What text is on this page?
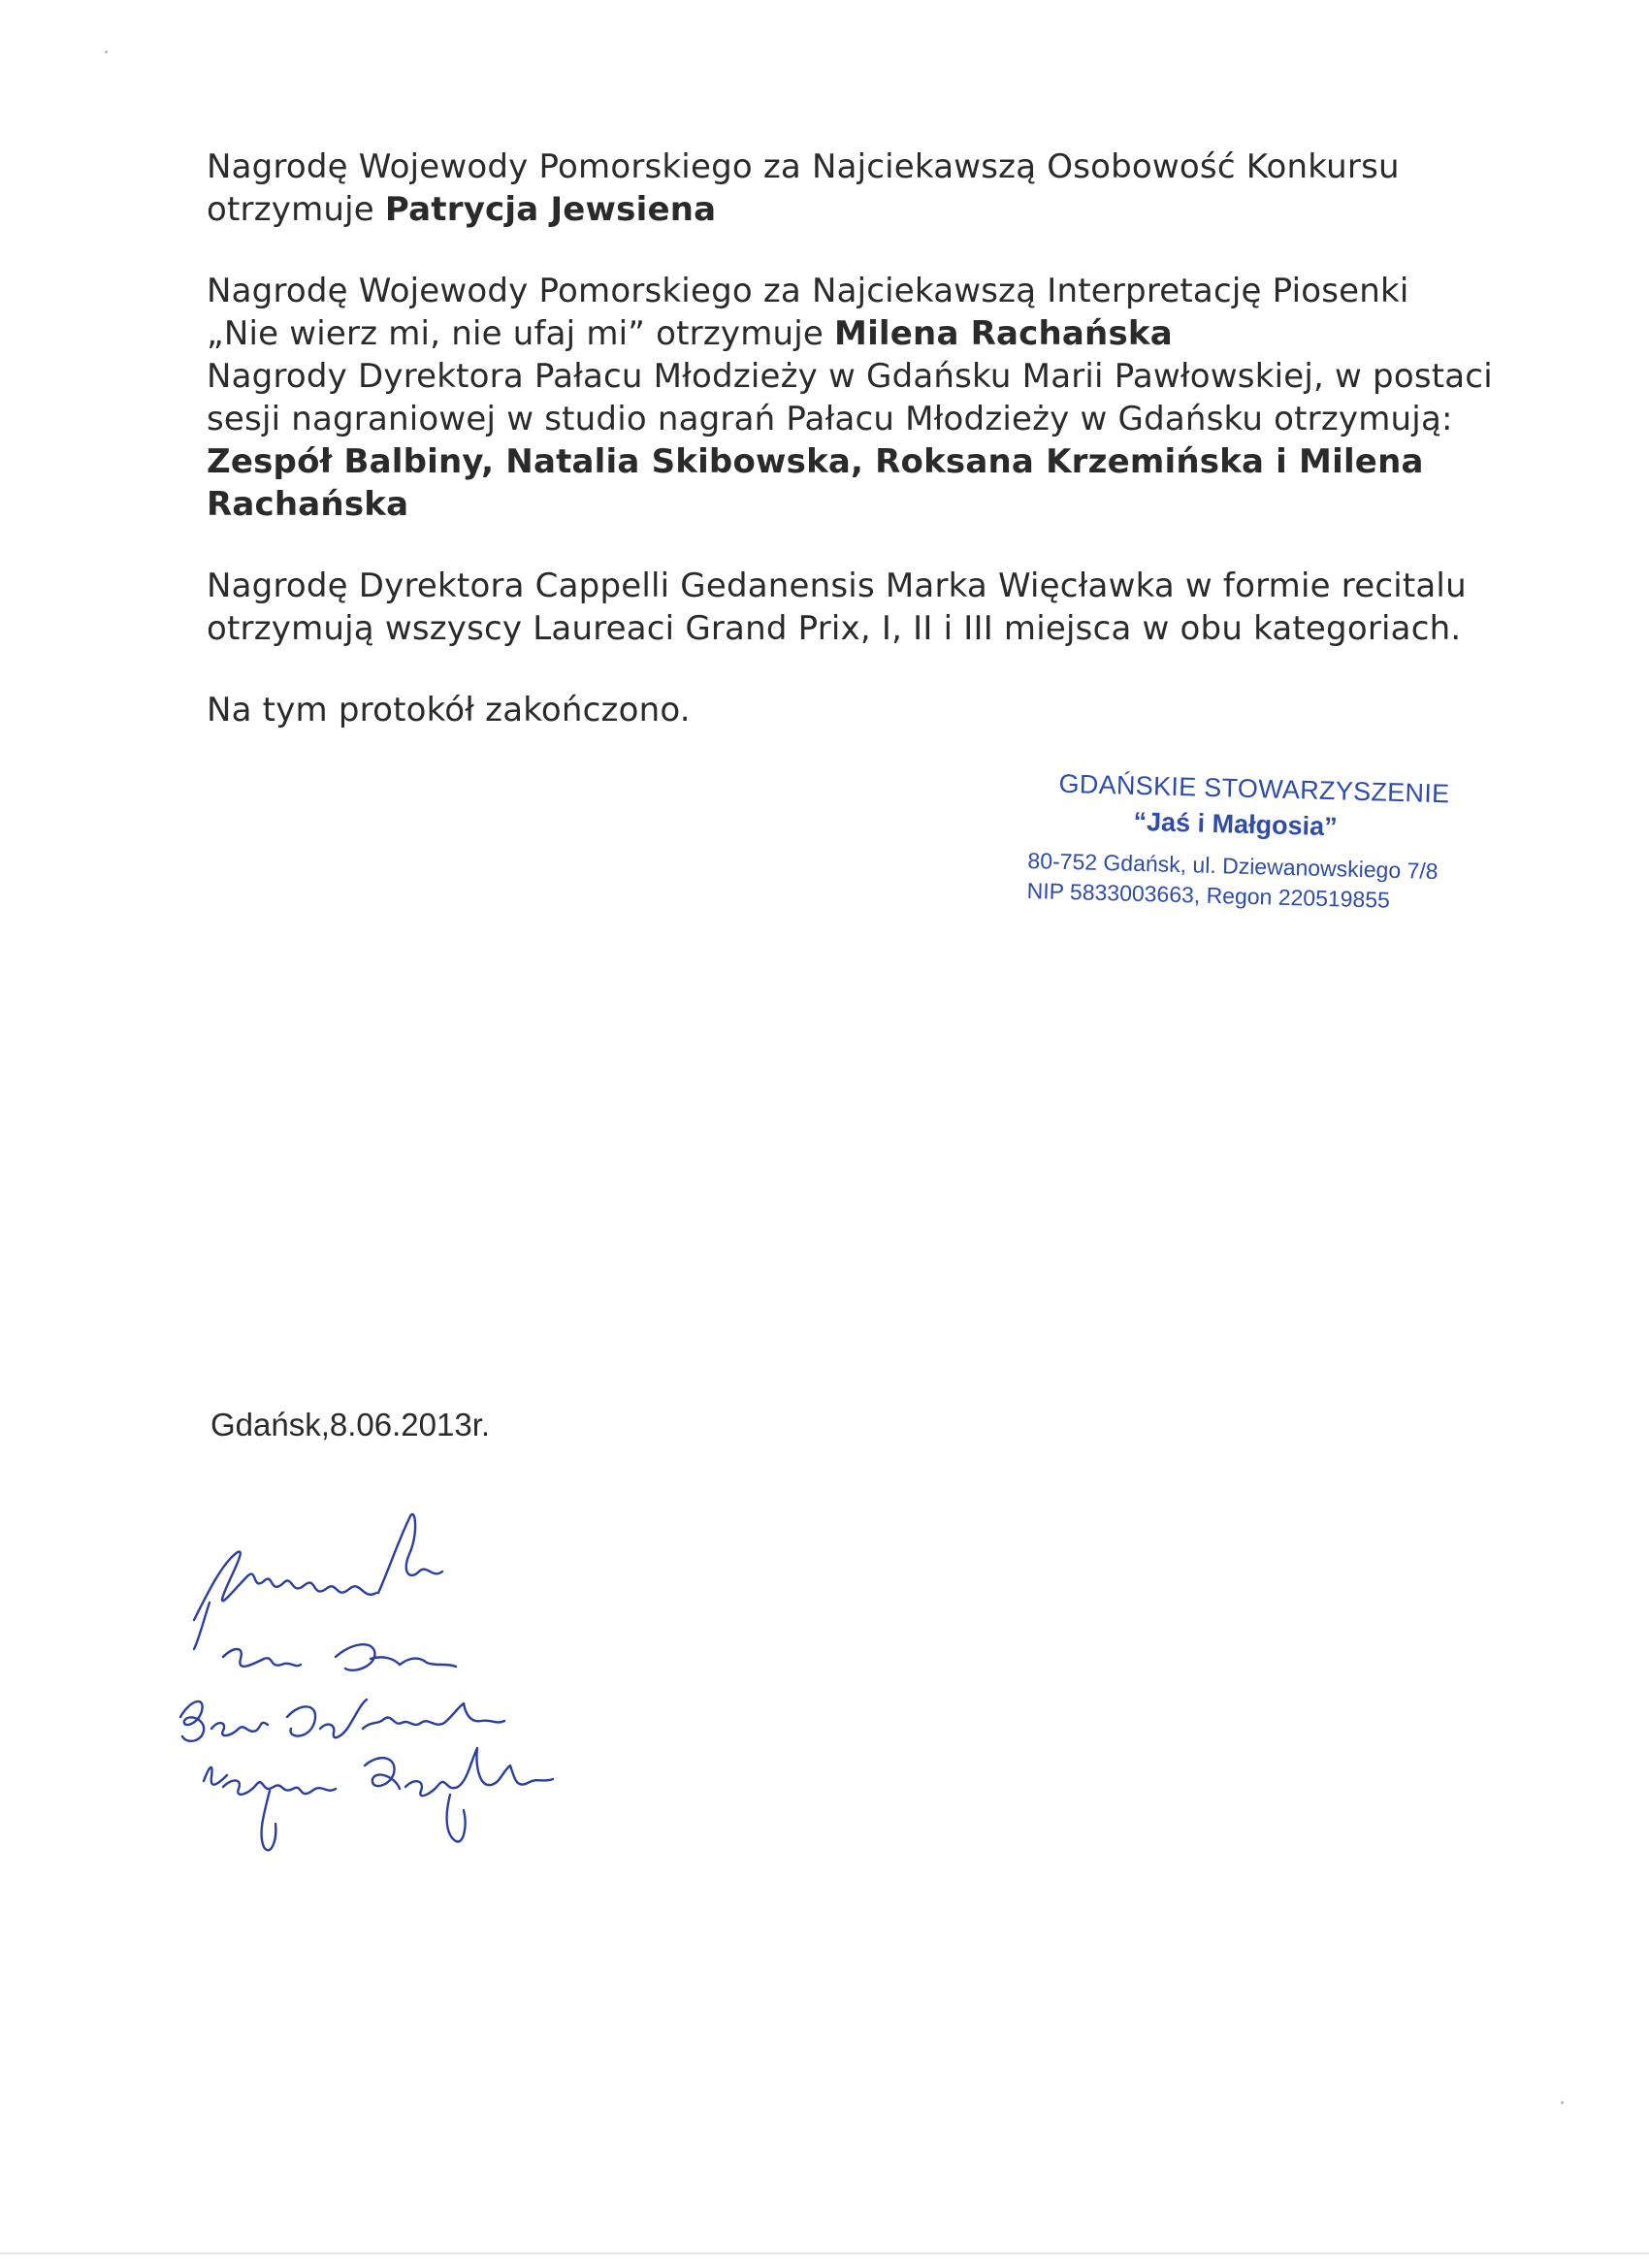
Nagrodę Wojewody Pomorskiego za Najciekawszą Osobowość Konkursu
otrzymuje Patrycja Jewsiena

Nagrodę Wojewody Pomorskiego za Najciekawszą Interpretację Piosenki
„Nie wierz mi, nie ufaj mi” otrzymuje Milena Rachańska
Nagrody Dyrektora Pałacu Młodzieży w Gdańsku Marii Pawłowskiej, w postaci
sesji nagraniowej w studio nagrań Pałacu Młodzieży w Gdańsku otrzymują:
Zespół Balbiny, Natalia Skibowska, Roksana Krzemińska i Milena
Rachańska

Nagrodę Dyrektora Cappelli Gedanensis Marka Więcławka w formie recitalu
otrzymują wszyscy Laureaci Grand Prix, I, II i III miejsca w obu kategoriach.

Na tym protokół zakończono.

GDAŃSKIE STOWARZYSZENIE
“Jaś i Małgosia”
80-752 Gdańsk, ul. Dziewanowskiego 7/8
NIP 5833003663, Regon 220519855
Gdańsk,8.06.2013r.
